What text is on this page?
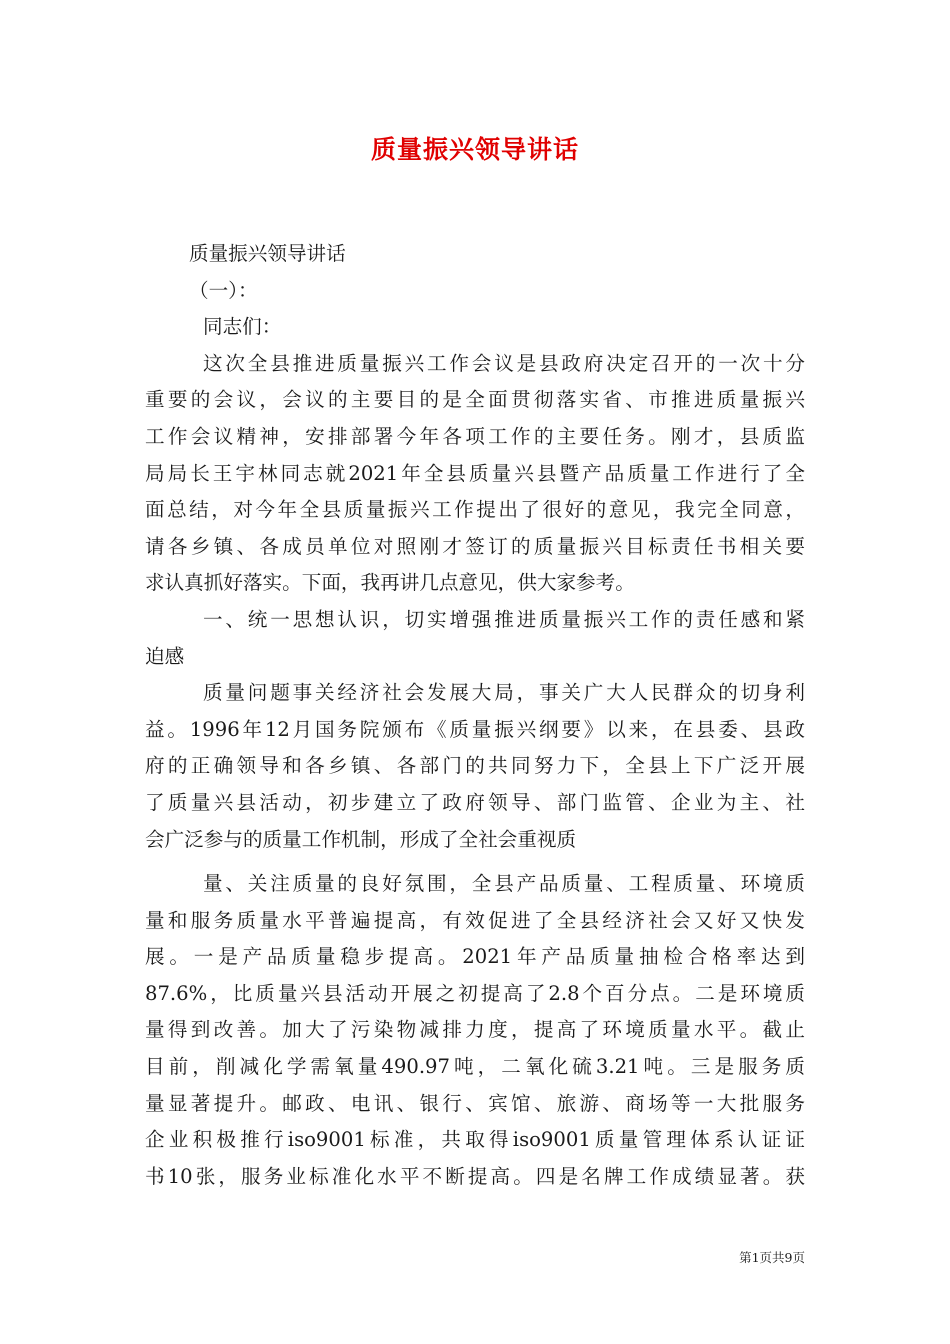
质量振兴领导讲话
质量振兴领导讲话
（一）：
同志们：
这次全县推进质量振兴工作会议是县政府决定召开的一次十分
重要的会议，会议的主要目的是全面贯彻落实省、市推进质量振兴
工作会议精神，安排部署今年各项工作的主要任务。刚才，县质监
局局长王宇林同志就2021年全县质量兴县暨产品质量工作进行了全
面总结，对今年全县质量振兴工作提出了很好的意见，我完全同意，
请各乡镇、各成员单位对照刚才签订的质量振兴目标责任书相关要
求认真抓好落实。下面，我再讲几点意见，供大家参考。
一、统一思想认识，切实增强推进质量振兴工作的责任感和紧
迫感
质量问题事关经济社会发展大局，事关广大人民群众的切身利
益。1996年12月国务院颁布《质量振兴纲要》以来，在县委、县政
府的正确领导和各乡镇、各部门的共同努力下，全县上下广泛开展
了质量兴县活动，初步建立了政府领导、部门监管、企业为主、社
会广泛参与的质量工作机制，形成了全社会重视质
量、关注质量的良好氛围，全县产品质量、工程质量、环境质
量和服务质量水平普遍提高，有效促进了全县经济社会又好又快发
展。一是产品质量稳步提高。2021年产品质量抽检合格率达到
87.6%，比质量兴县活动开展之初提高了2.8个百分点。二是环境质
量得到改善。加大了污染物减排力度，提高了环境质量水平。截止
目前，削减化学需氧量490.97吨，二氧化硫3.21吨。三是服务质
量显著提升。邮政、电讯、银行、宾馆、旅游、商场等一大批服务
企业积极推行iso9001标准，共取得iso9001质量管理体系认证证
书10张，服务业标准化水平不断提高。四是名牌工作成绩显著。获
第1页共9页
